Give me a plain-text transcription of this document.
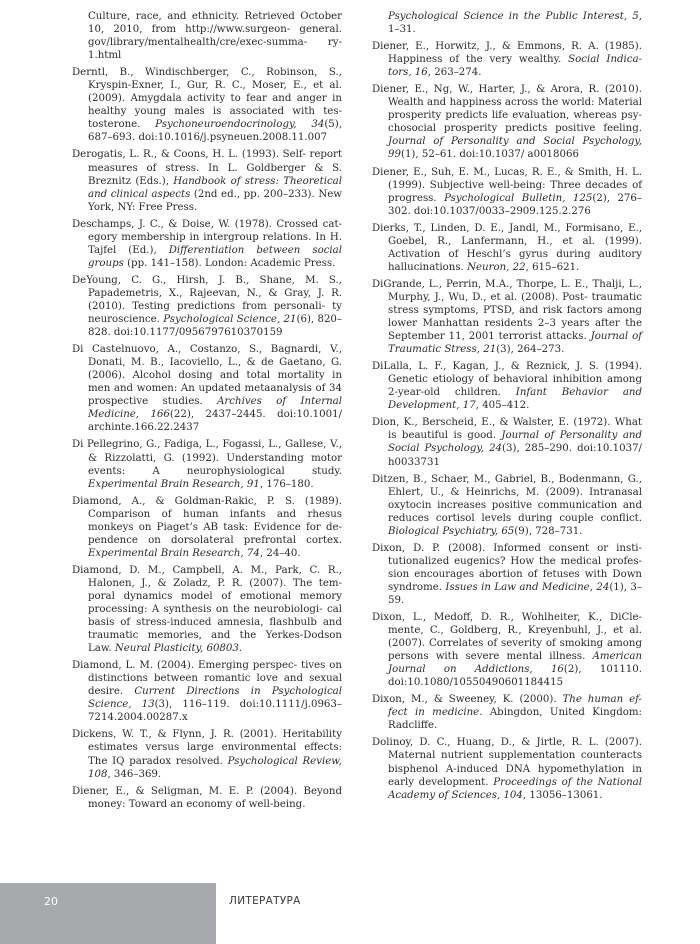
Culture, race, and ethnicity. Retrieved October 10, 2010, from http://www.surgeon- general. gov/library/mentalhealth/cre/exec-summa- ry-1.html

Derntl, B., Windischberger, C., Robinson, S., Kryspin-Exner, I., Gur, R. C., Moser, E., et al. (2009). Amygdala activity to fear and anger in healthy young males is associated with tes- tosterone. Psychoneuroendocrinology, 34(5), 687–693. doi:10.1016/j.psyneuen.2008.11.007

Derogatis, L. R., & Coons, H. L. (1993). Self- report measures of stress. In L. Goldberger & S. Breznitz (Eds.), Handbook of stress: Theoretical and clinical aspects (2nd ed., pp. 200–233). New York, NY: Free Press.

Deschamps, J. C., & Doise, W. (1978). Crossed cat- egory membership in intergroup relations. In H. Tajfel (Ed.), Differentiation between social groups (pp. 141–158). London: Academic Press.

DeYoung, C. G., Hirsh, J. B., Shane, M. S., Papademetris, X., Rajeevan, N., & Gray, J. R. (2010). Testing predictions from personali- ty neuroscience. Psychological Science, 21(6), 820–828. doi:10.1177/0956797610370159

Di Castelnuovo, A., Costanzo, S., Bagnardi, V., Donati, M. B., Iacoviello, L., & de Gaetano, G. (2006). Alcohol dosing and total mortality in men and women: An updated metaanalysis of 34 prospective studies. Archives of Internal Medicine, 166(22), 2437–2445. doi:10.1001/ archinte.166.22.2437

Di Pellegrino, G., Fadiga, L., Fogassi, L., Gallese, V., & Rizzolatti, G. (1992). Understanding motor events: A neurophysiological study. Experimental Brain Research, 91, 176–180.

Diamond, A., & Goldman-Rakic, P. S. (1989). Comparison of human infants and rhesus monkeys on Piaget’s AB task: Evidence for de- pendence on dorsolateral prefrontal cortex. Experimental Brain Research, 74, 24–40.

Diamond, D. M., Campbell, A. M., Park, C. R., Halonen, J., & Zoladz, P. R. (2007). The tem- poral dynamics model of emotional memory processing: A synthesis on the neurobiologi- cal basis of stress-induced amnesia, flashbulb and traumatic memories, and the Yerkes-Dodson Law. Neural Plasticity, 60803.

Diamond, L. M. (2004). Emerging perspec- tives on distinctions between romantic love and sexual desire. Current Directions in Psychological Science, 13(3), 116–119. doi:10.1111/j.0963–7214.2004.00287.x

Dickens, W. T., & Flynn, J. R. (2001). Heritability estimates versus large environmental effects: The IQ paradox resolved. Psychological Review, 108, 346–369.

Diener, E., & Seligman, M. E. P. (2004). Beyond money: Toward an economy of well-being.

Psychological Science in the Public Interest, 5, 1–31.

Diener, E., Horwitz, J., & Emmons, R. A. (1985). Happiness of the very wealthy. Social Indica- tors, 16, 263–274.

Diener, E., Ng, W., Harter, J., & Arora, R. (2010). Wealth and happiness across the world: Material prosperity predicts life evaluation, whereas psy- chosocial prosperity predicts positive feeling. Journal of Personality and Social Psychology, 99(1), 52–61. doi:10.1037/ a0018066

Diener, E., Suh, E. M., Lucas, R. E., & Smith, H. L. (1999). Subjective well-being: Three decades of progress. Psychological Bulletin, 125(2), 276– 302. doi:10.1037/0033–2909.125.2.276

Dierks, T., Linden, D. E., Jandl, M., Formisano, E., Goebel, R., Lanfermann, H., et al. (1999). Activation of Heschl’s gyrus during auditory hallucinations. Neuron, 22, 615–621.

DiGrande, L., Perrin, M.A., Thorpe, L. E., Thalji, L., Murphy, J., Wu, D., et al. (2008). Post- traumatic stress symptoms, PTSD, and risk factors among lower Manhattan residents 2–3 years after the September 11, 2001 terrorist attacks. Journal of Traumatic Stress, 21(3), 264–273.

DiLalla, L. F., Kagan, J., & Reznick, J. S. (1994). Genetic etiology of behavioral inhibition among 2-year-old children. Infant Behavior and Development, 17, 405–412.

Dion, K., Berscheid, E., & Walster, E. (1972). What is beautiful is good. Journal of Personality and Social Psychology, 24(3), 285–290. doi:10.1037/ h0033731

Ditzen, B., Schaer, M., Gabriel, B., Bodenmann, G., Ehlert, U., & Heinrichs, M. (2009). Intranasal oxytocin increases positive communication and reduces cortisol levels during couple conflict. Biological Psychiatry, 65(9), 728–731.

Dixon, D. P. (2008). Informed consent or insti- tutionalized eugenics? How the medical profes- sion encourages abortion of fetuses with Down syndrome. Issues in Law and Medicine, 24(1), 3–59.

Dixon, L., Medoff, D. R., Wohlheiter, K., DiCle- mente, C., Goldberg, R., Kreyenbuhl, J., et al. (2007). Correlates of severity of smoking among persons with severe mental illness. American Journal on Addictions, 16(2), 101110. doi:10.1080/10550490601184415

Dixon, M., & Sweeney, K. (2000). The human ef- fect in medicine. Abingdon, United Kingdom: Radcliffe.

Dolinoy, D. C., Huang, D., & Jirtle, R. L. (2007). Maternal nutrient supplementation counteracts bisphenol A-induced DNA hypomethylation in early development. Proceedings of the National Academy of Sciences, 104, 13056–13061.

20	ЛИТЕРАТУРА
